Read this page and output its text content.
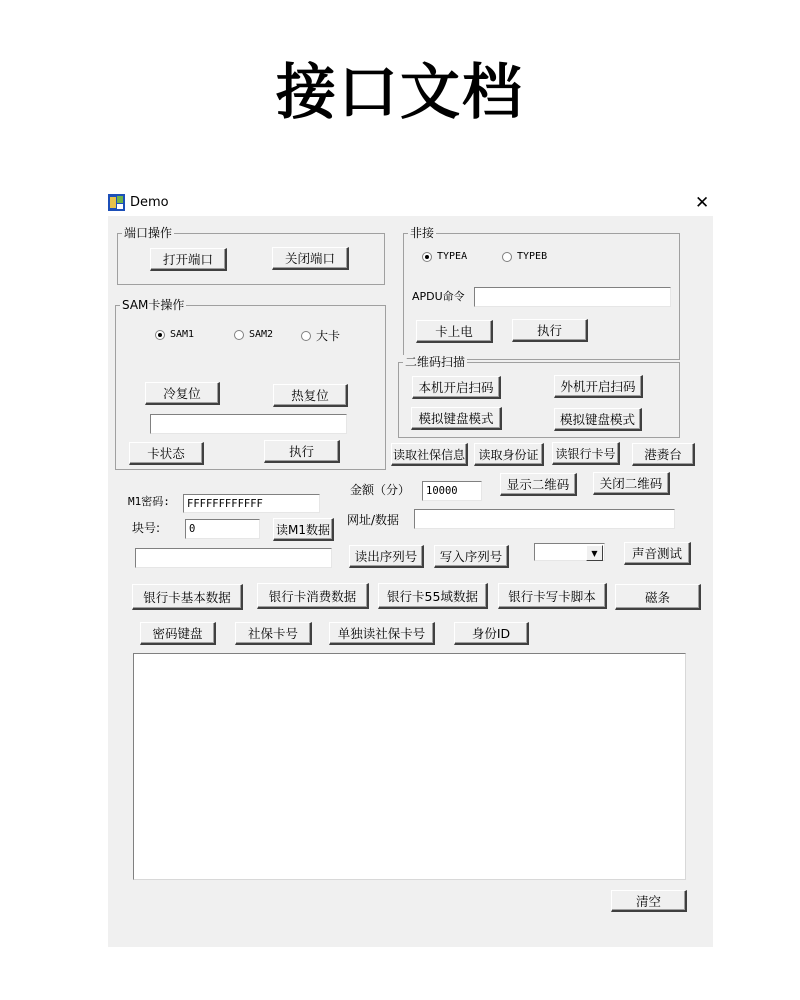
接口文档
Demo	✕
端口操作
打开端口	关闭端口
SAM卡操作
SAM1	SAM2	大卡
冷复位	热复位
卡状态	执行
非接
TYPEA	TYPEB
APDU命令
卡上电	执行
二维码扫描
本机开启扫码	外机开启扫码
模拟键盘模式	模拟键盘模式
读取社保信息	读取身份证	读银行卡号	港赉台
M1密码:	FFFFFFFFFFFF
块号:	0	读M1数据
金额（分）	10000	显示二维码	关闭二维码
网址/数据
读出序列号	写入序列号	▼	声音测试
银行卡基本数据	银行卡消费数据	银行卡55域数据	银行卡写卡脚本	磁条
密码键盘	社保卡号	单独读社保卡号	身份ID
清空
